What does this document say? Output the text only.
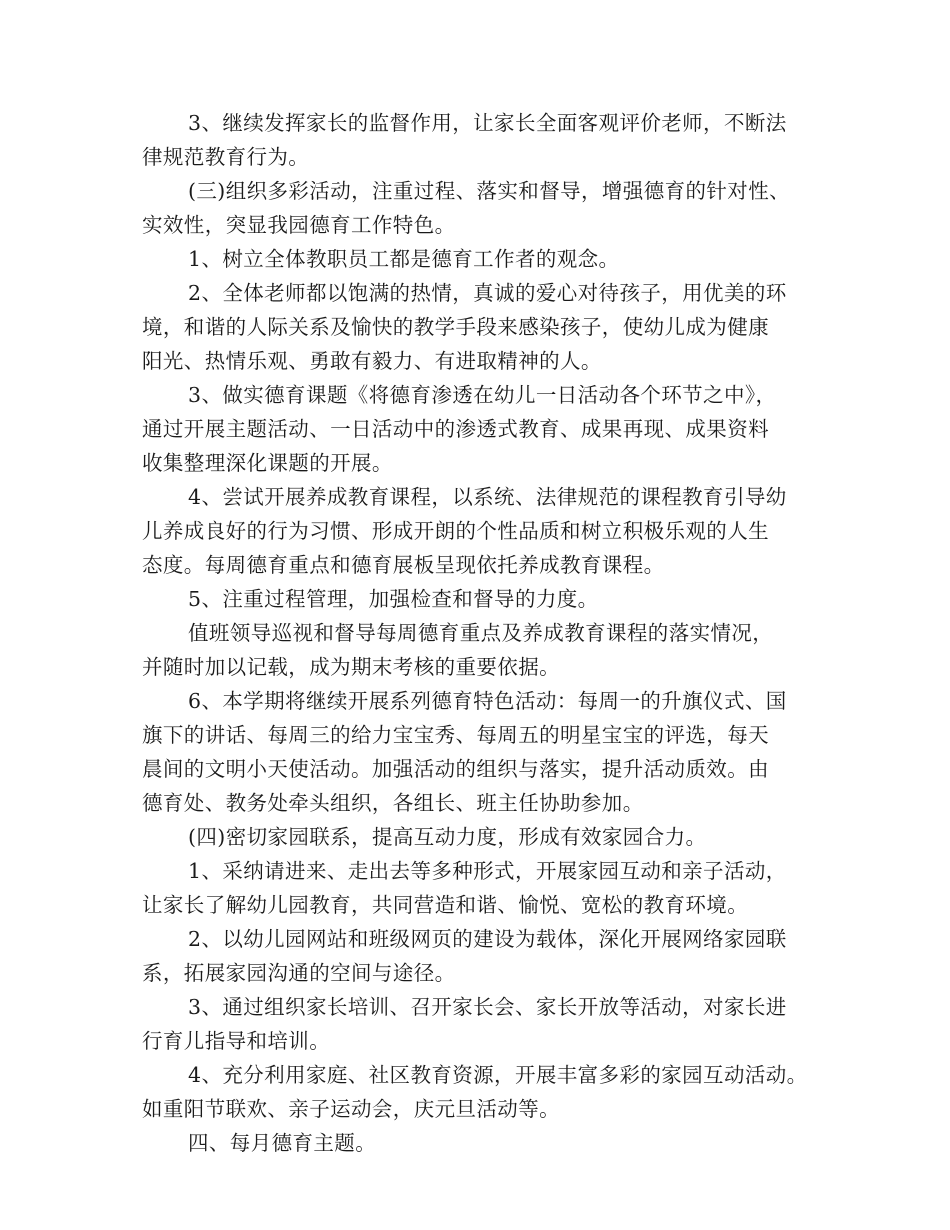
3、继续发挥家长的监督作用，让家长全面客观评价老师，不断法

律规范教育行为。

(三)组织多彩活动，注重过程、落实和督导，增强德育的针对性、

实效性，突显我园德育工作特色。

1、树立全体教职员工都是德育工作者的观念。

2、全体老师都以饱满的热情，真诚的爱心对待孩子，用优美的环

境，和谐的人际关系及愉快的教学手段来感染孩子，使幼儿成为健康

阳光、热情乐观、勇敢有毅力、有进取精神的人。

3、做实德育课题《将德育渗透在幼儿一日活动各个环节之中》，

通过开展主题活动、一日活动中的渗透式教育、成果再现、成果资料

收集整理深化课题的开展。

4、尝试开展养成教育课程，以系统、法律规范的课程教育引导幼

儿养成良好的行为习惯、形成开朗的个性品质和树立积极乐观的人生

态度。每周德育重点和德育展板呈现依托养成教育课程。

5、注重过程管理，加强检查和督导的力度。

值班领导巡视和督导每周德育重点及养成教育课程的落实情况，

并随时加以记载，成为期末考核的重要依据。

6、本学期将继续开展系列德育特色活动：每周一的升旗仪式、国

旗下的讲话、每周三的给力宝宝秀、每周五的明星宝宝的评选，每天

晨间的文明小天使活动。加强活动的组织与落实，提升活动质效。由

德育处、教务处牵头组织，各组长、班主任协助参加。

(四)密切家园联系，提高互动力度，形成有效家园合力。

1、采纳请进来、走出去等多种形式，开展家园互动和亲子活动，

让家长了解幼儿园教育，共同营造和谐、愉悦、宽松的教育环境。

2、以幼儿园网站和班级网页的建设为载体，深化开展网络家园联

系，拓展家园沟通的空间与途径。

3、通过组织家长培训、召开家长会、家长开放等活动，对家长进

行育儿指导和培训。

4、充分利用家庭、社区教育资源，开展丰富多彩的家园互动活动。

如重阳节联欢、亲子运动会，庆元旦活动等。

四、每月德育主题。
